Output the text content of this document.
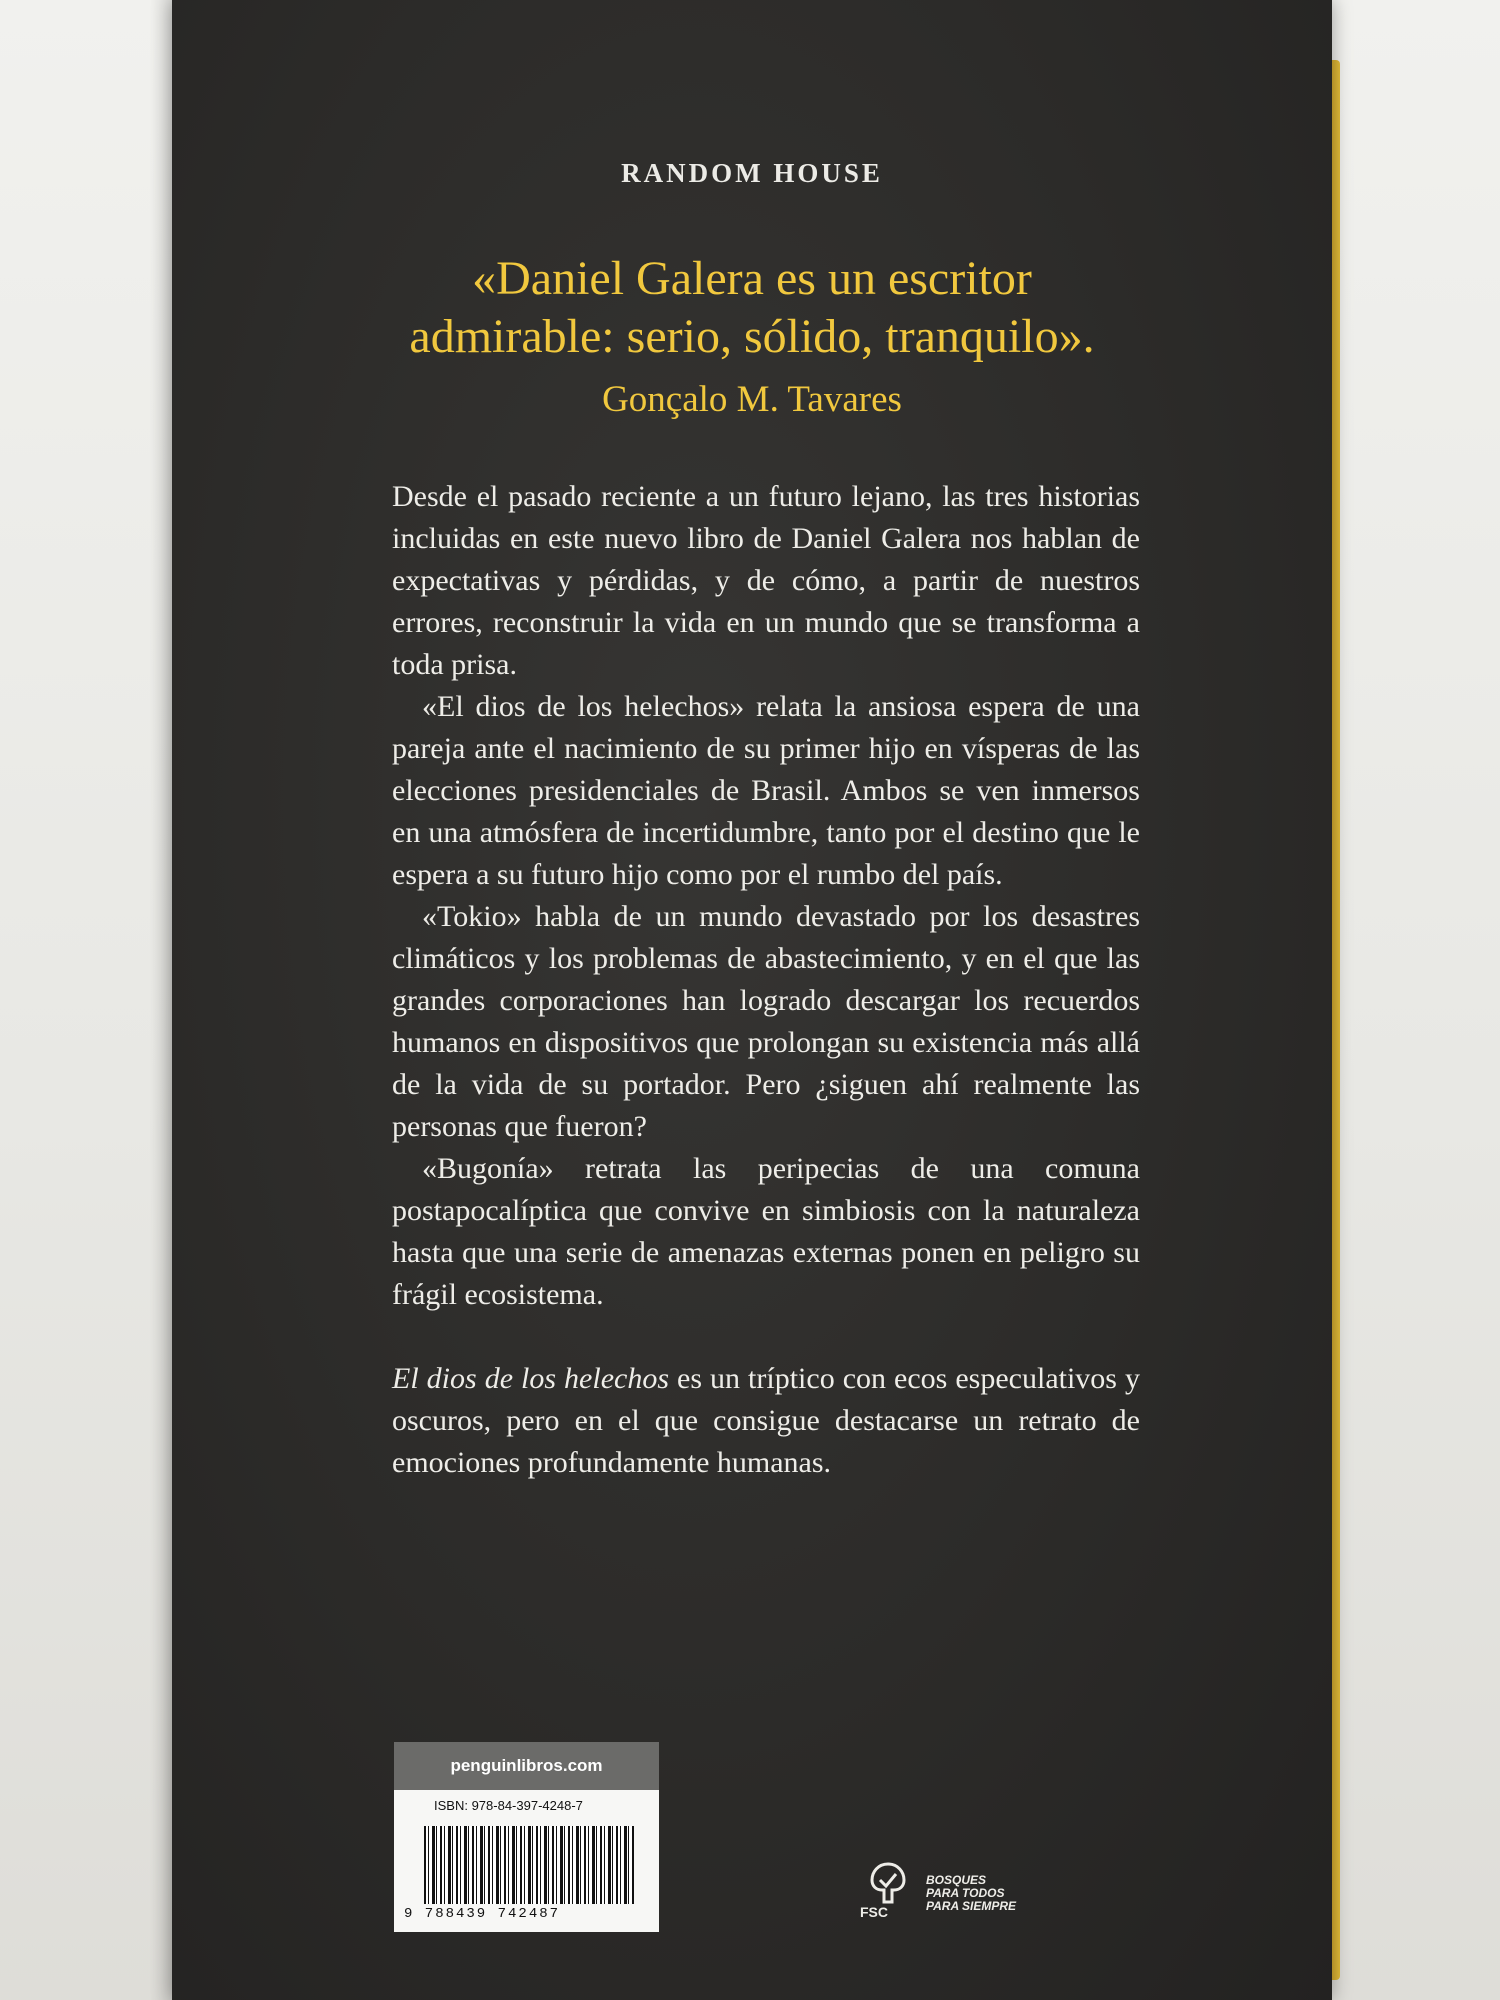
RANDOM HOUSE
«Daniel Galera es un escritor
admirable: serio, sólido, tranquilo».
Gonçalo M. Tavares

Desde el pasado reciente a un futuro lejano, las tres historias incluidas en este nuevo libro de Daniel Galera nos hablan de expectativas y pérdidas, y de cómo, a partir de nuestros errores, reconstruir la vida en un mundo que se transforma a toda prisa.

«El dios de los helechos» relata la ansiosa espera de una pareja ante el nacimiento de su primer hijo en vísperas de las elecciones presidenciales de Brasil. Ambos se ven inmersos en una atmósfera de incertidumbre, tanto por el destino que le espera a su futuro hijo como por el rumbo del país.

«Tokio» habla de un mundo devastado por los desastres climáticos y los problemas de abastecimiento, y en el que las grandes corporaciones han logrado descargar los recuerdos humanos en dispositivos que prolongan su existencia más allá de la vida de su portador. Pero ¿siguen ahí realmente las personas que fueron?

«Bugonía» retrata las peripecias de una comuna postapocalíptica que convive en simbiosis con la naturaleza hasta que una serie de amenazas externas ponen en peligro su frágil ecosistema.

El dios de los helechos es un tríptico con ecos especulativos y oscuros, pero en el que consigue destacarse un retrato de emociones profundamente humanas.

penguinlibros.com
ISBN: 978-84-397-4248-7
9 788439 742487	FSC
BOSQUES
PARA TODOS
PARA SIEMPRE
